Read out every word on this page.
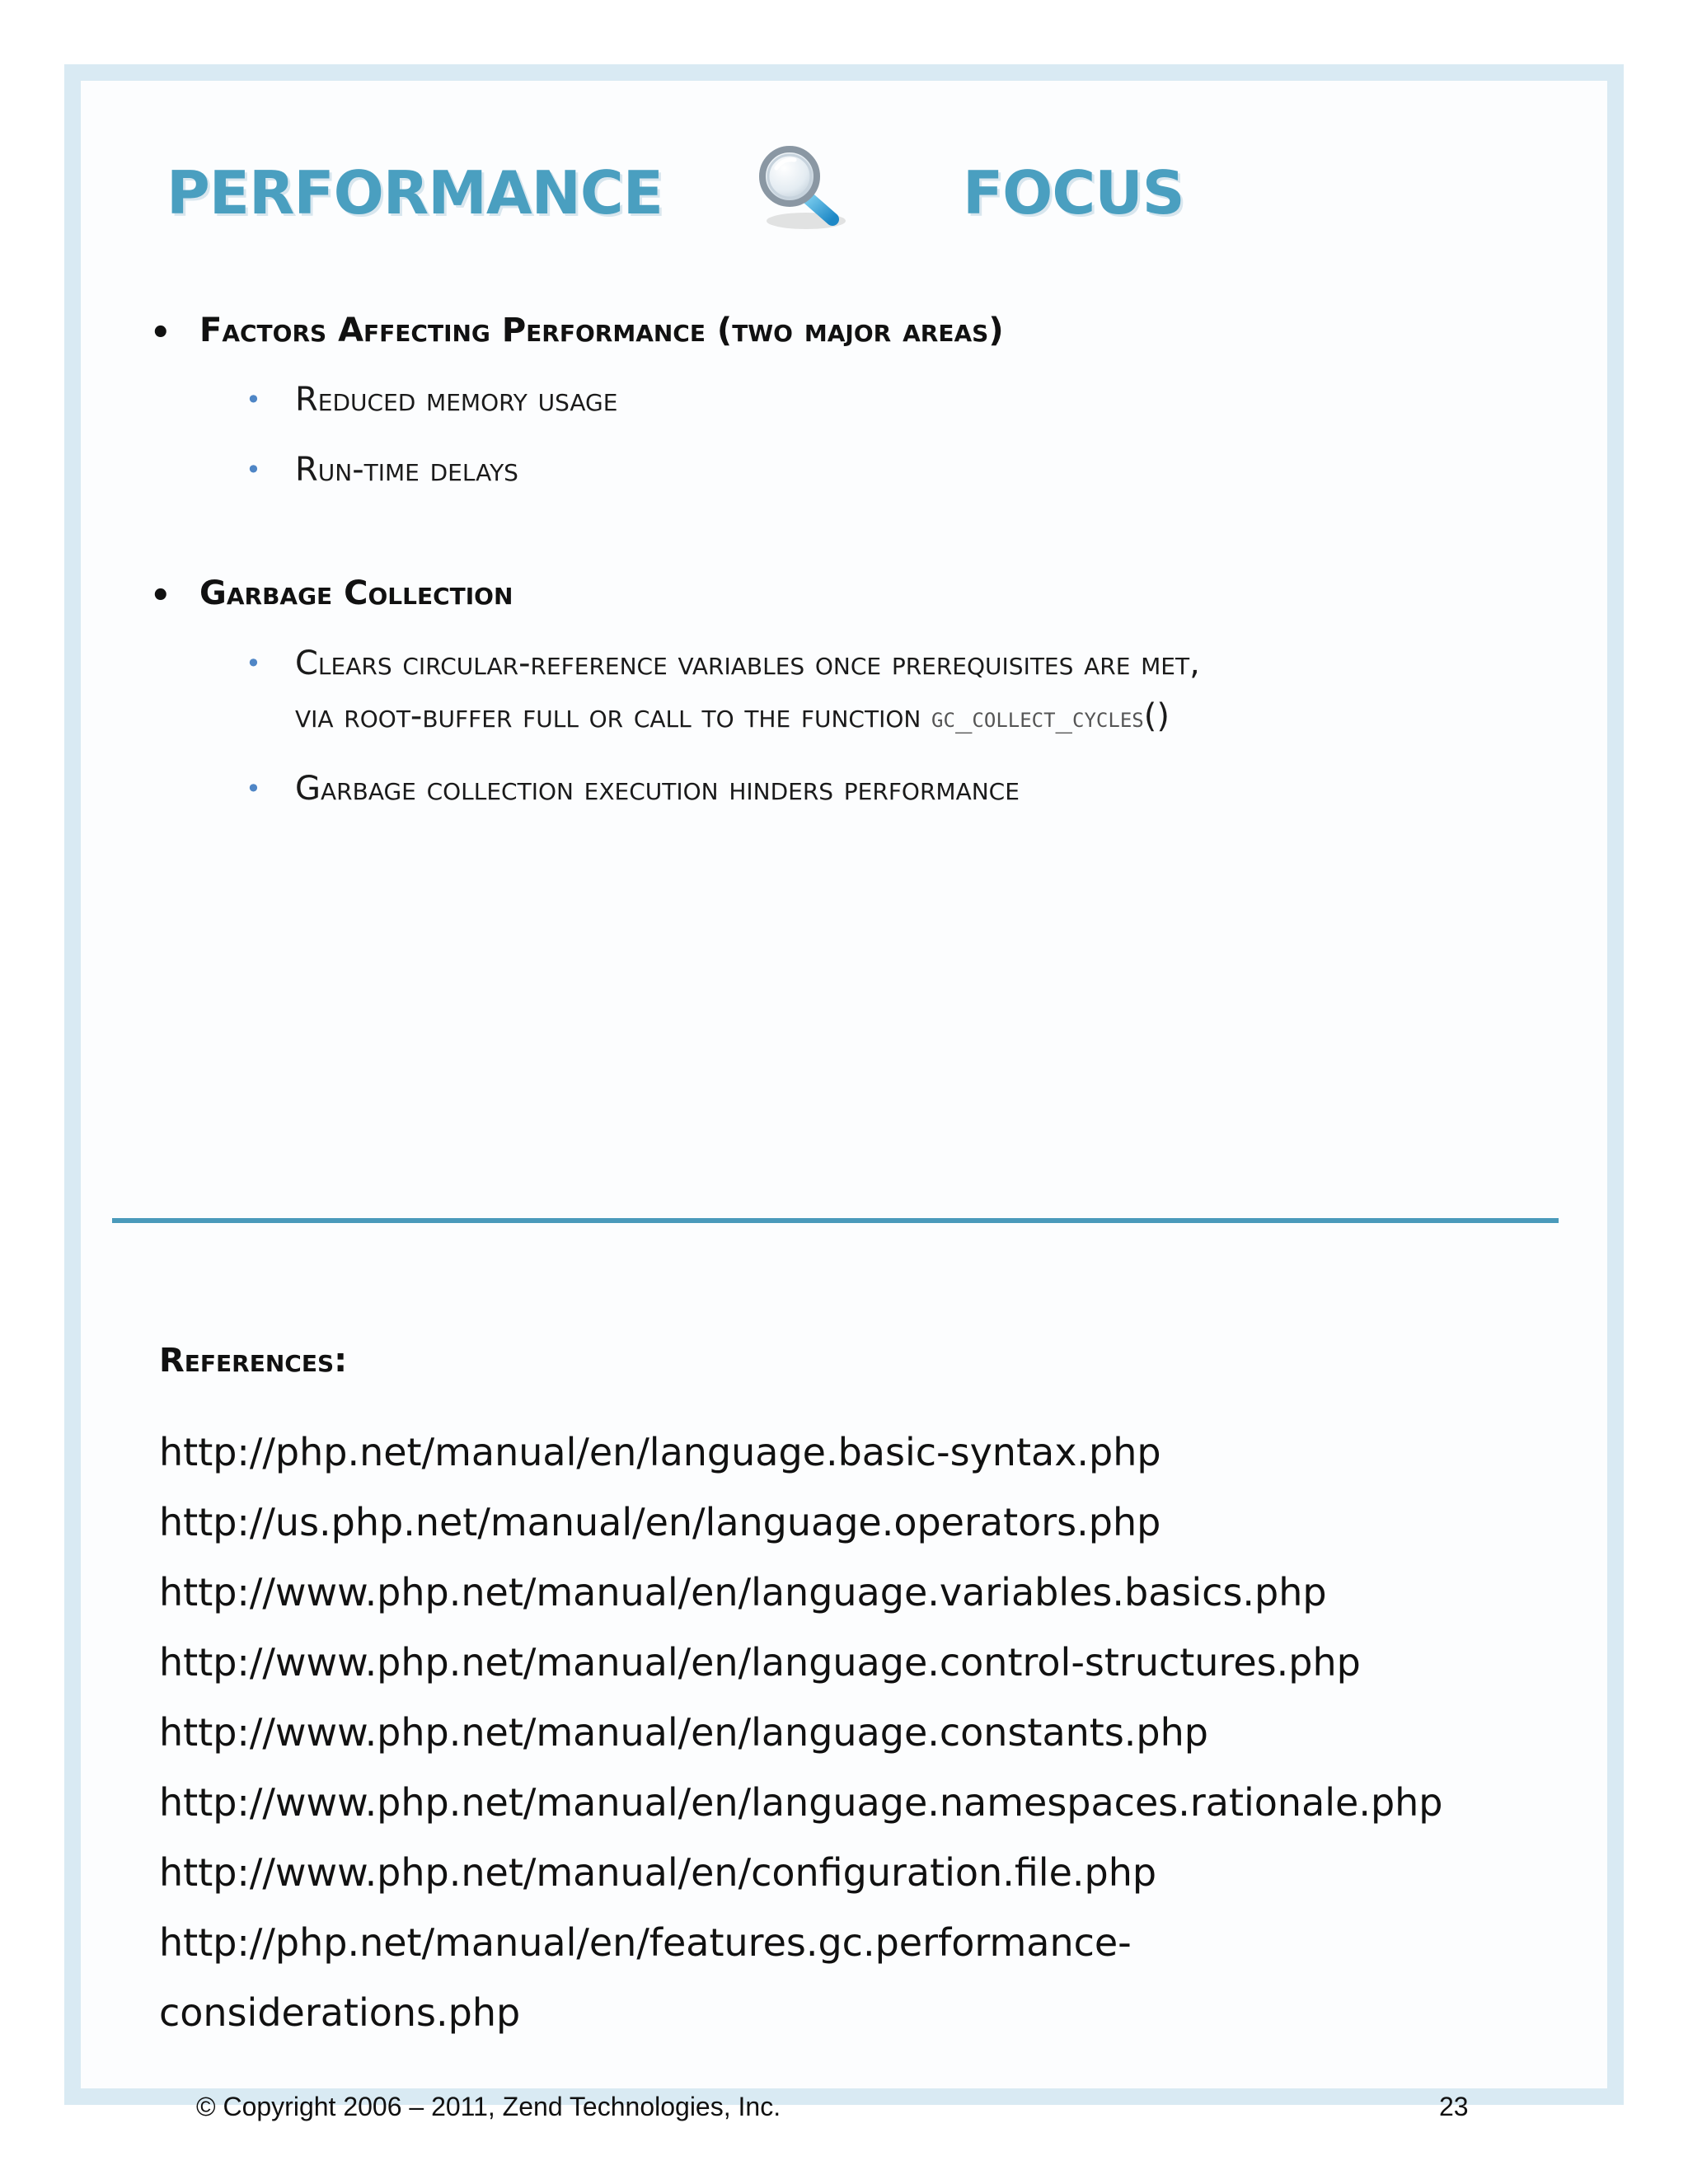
PERFORMANCE	FOCUS
• Factors Affecting Performance (two major areas)
• Reduced memory usage
• Run-time delays
• Garbage Collection
• Clears circular-reference variables once prerequisites are met,
via root-buffer full or call to the function gc_collect_cycles()
• Garbage collection execution hinders performance
References:
http://php.net/manual/en/language.basic-syntax.php
http://us.php.net/manual/en/language.operators.php
http://www.php.net/manual/en/language.variables.basics.php
http://www.php.net/manual/en/language.control-structures.php
http://www.php.net/manual/en/language.constants.php
http://www.php.net/manual/en/language.namespaces.rationale.php
http://www.php.net/manual/en/configuration.file.php
http://php.net/manual/en/features.gc.performance-
considerations.php
© Copyright 2006 – 2011, Zend Technologies, Inc.	23
